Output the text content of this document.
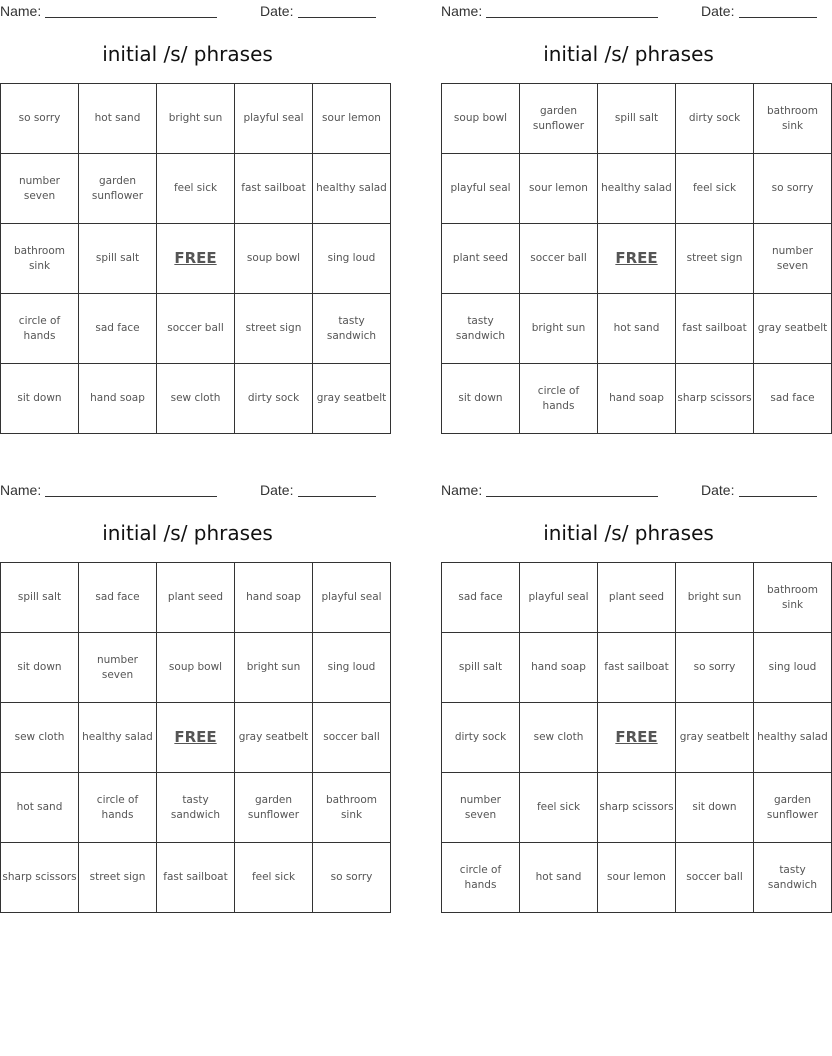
Name:	Date:
initial /s/ phrases
so sorry	hot sand	bright sun	playful seal	sour lemon
number seven	garden sunflower	feel sick	fast sailboat	healthy salad
bathroom sink	spill salt	FREE	soup bowl	sing loud
circle of hands	sad face	soccer ball	street sign	tasty sandwich
sit down	hand soap	sew cloth	dirty sock	gray seatbelt
Name:	Date:
initial /s/ phrases
soup bowl	garden sunflower	spill salt	dirty sock	bathroom sink
playful seal	sour lemon	healthy salad	feel sick	so sorry
plant seed	soccer ball	FREE	street sign	number seven
tasty sandwich	bright sun	hot sand	fast sailboat	gray seatbelt
sit down	circle of hands	hand soap	sharp scissors	sad face
Name:	Date:
initial /s/ phrases
spill salt	sad face	plant seed	hand soap	playful seal
sit down	number seven	soup bowl	bright sun	sing loud
sew cloth	healthy salad	FREE	gray seatbelt	soccer ball
hot sand	circle of hands	tasty sandwich	garden sunflower	bathroom sink
sharp scissors	street sign	fast sailboat	feel sick	so sorry
Name:	Date:
initial /s/ phrases
sad face	playful seal	plant seed	bright sun	bathroom sink
spill salt	hand soap	fast sailboat	so sorry	sing loud
dirty sock	sew cloth	FREE	gray seatbelt	healthy salad
number seven	feel sick	sharp scissors	sit down	garden sunflower
circle of hands	hot sand	sour lemon	soccer ball	tasty sandwich
